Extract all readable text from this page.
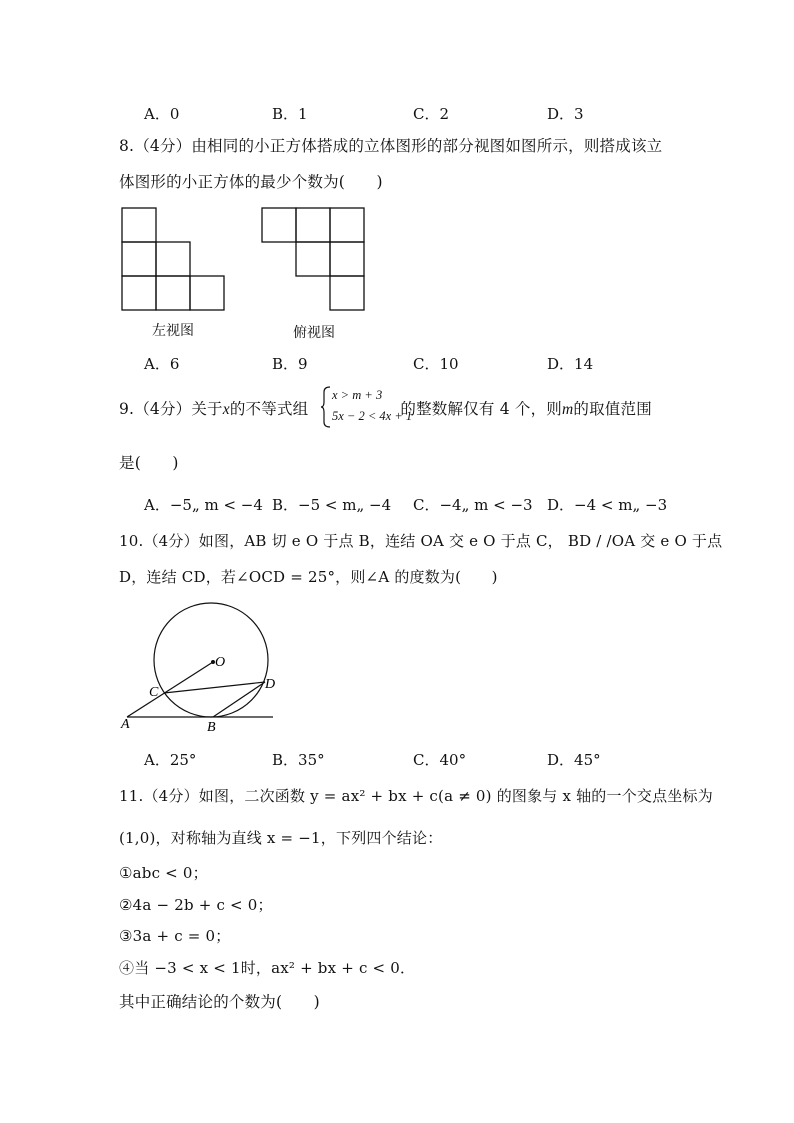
A．0	B．1	C．2	D．3
8.（4分）由相同的小正方体搭成的立体图形的部分视图如图所示，则搭成该立
体图形的小正方体的最少个数为(　　)
左视图	俯视图
A．6	B．9	C．10	D．14
9.（4分）关于x的不等式组	的整数解仅有 4 个，则m的取值范围
x > m + 3
5x − 2 < 4x + 1
是(　　)
A．−5„ m < −4 B．−5 < m„ −4 C．−4„ m < −3 D．−4 < m„ −3
10.（4分）如图，AB 切 e O 于点 B，连结 OA 交 e O 于点 C， BD / /OA 交 e O 于点
D，连结 CD，若∠OCD = 25°，则∠A 的度数为(　　)
O
C
D
A	B
A．25°	B．35°	C．40°	D．45°
11.（4分）如图，二次函数 y = ax² + bx + c(a ≠ 0) 的图象与 x 轴的一个交点坐标为
(1,0)，对称轴为直线 x = −1，下列四个结论：
①abc < 0；
②4a − 2b + c < 0；
③3a + c = 0；
④当 −3 < x < 1时，ax² + bx + c < 0．
其中正确结论的个数为(　　)
